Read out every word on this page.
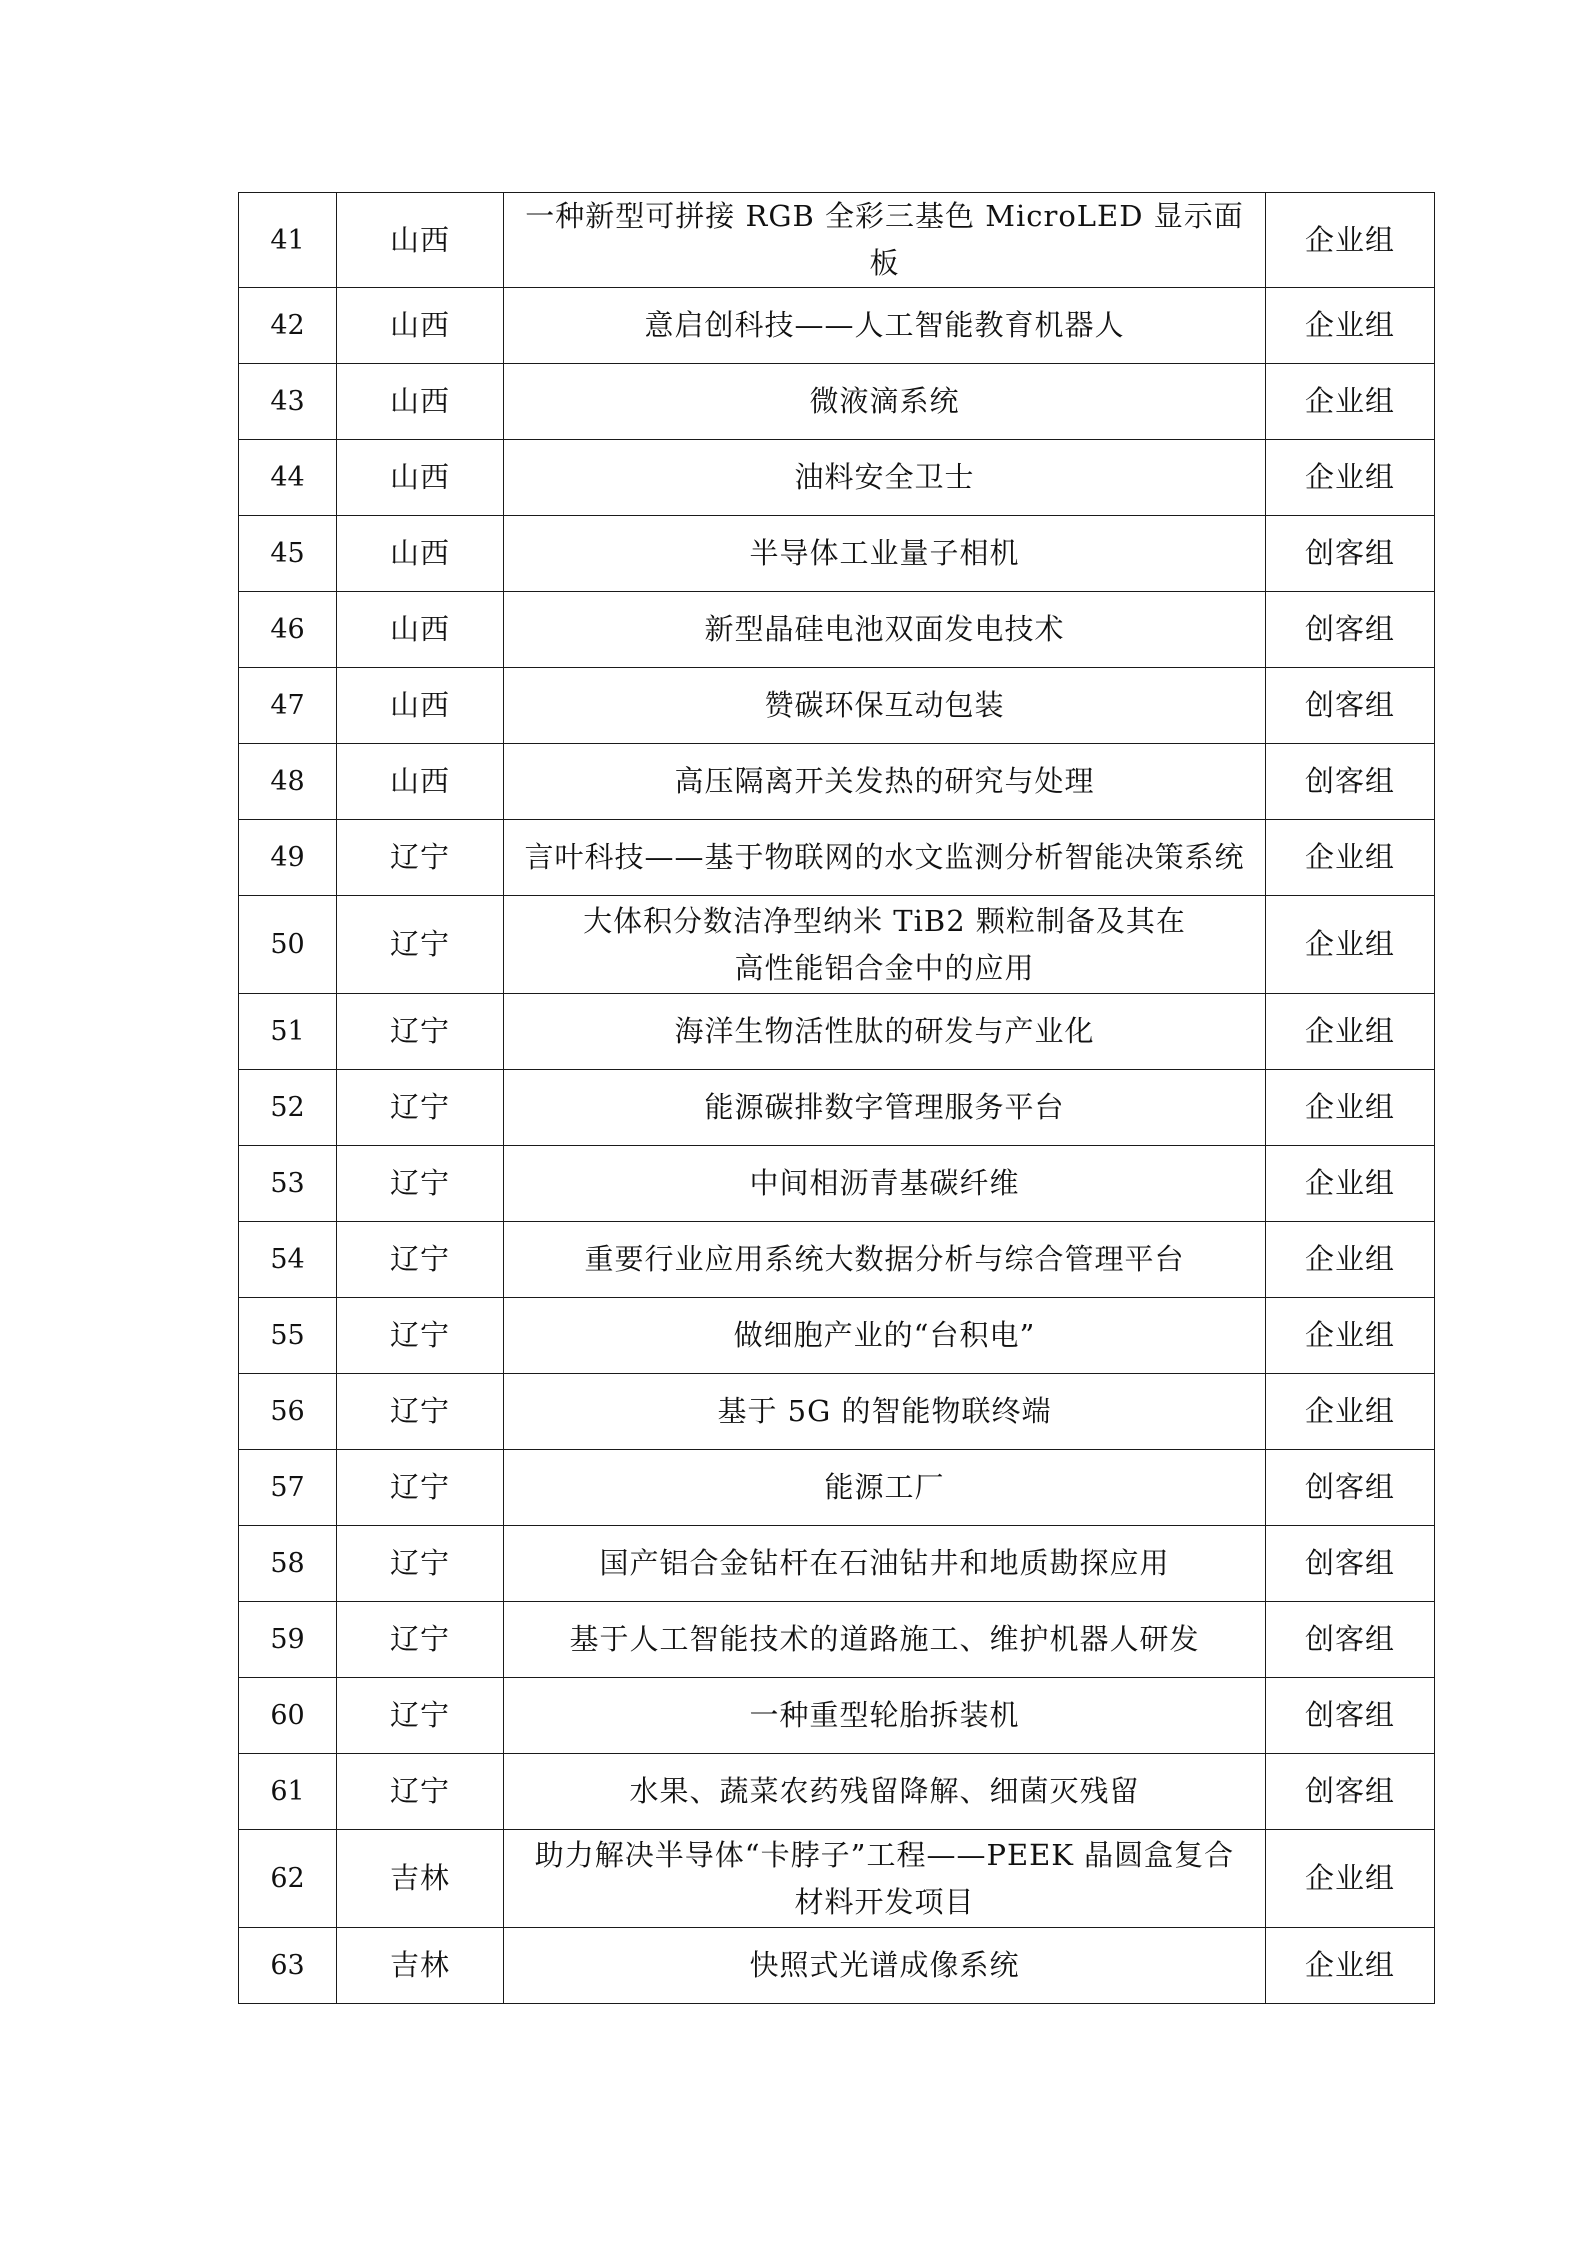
41	山西	一种新型可拼接 RGB 全彩三基色 MicroLED 显示面板	企业组
42	山西	意启创科技——人工智能教育机器人	企业组
43	山西	微液滴系统	企业组
44	山西	油料安全卫士	企业组
45	山西	半导体工业量子相机	创客组
46	山西	新型晶硅电池双面发电技术	创客组
47	山西	赞碳环保互动包装	创客组
48	山西	高压隔离开关发热的研究与处理	创客组
49	辽宁	言叶科技——基于物联网的水文监测分析智能决策系统	企业组
50	辽宁	大体积分数洁净型纳米 TiB2 颗粒制备及其在
高性能铝合金中的应用	企业组
51	辽宁	海洋生物活性肽的研发与产业化	企业组
52	辽宁	能源碳排数字管理服务平台	企业组
53	辽宁	中间相沥青基碳纤维	企业组
54	辽宁	重要行业应用系统大数据分析与综合管理平台	企业组
55	辽宁	做细胞产业的“台积电”	企业组
56	辽宁	基于 5G 的智能物联终端	企业组
57	辽宁	能源工厂	创客组
58	辽宁	国产铝合金钻杆在石油钻井和地质勘探应用	创客组
59	辽宁	基于人工智能技术的道路施工、维护机器人研发	创客组
60	辽宁	一种重型轮胎拆装机	创客组
61	辽宁	水果、蔬菜农药残留降解、细菌灭残留	创客组
62	吉林	助力解决半导体“卡脖子”工程——PEEK 晶圆盒复合
材料开发项目	企业组
63	吉林	快照式光谱成像系统	企业组
